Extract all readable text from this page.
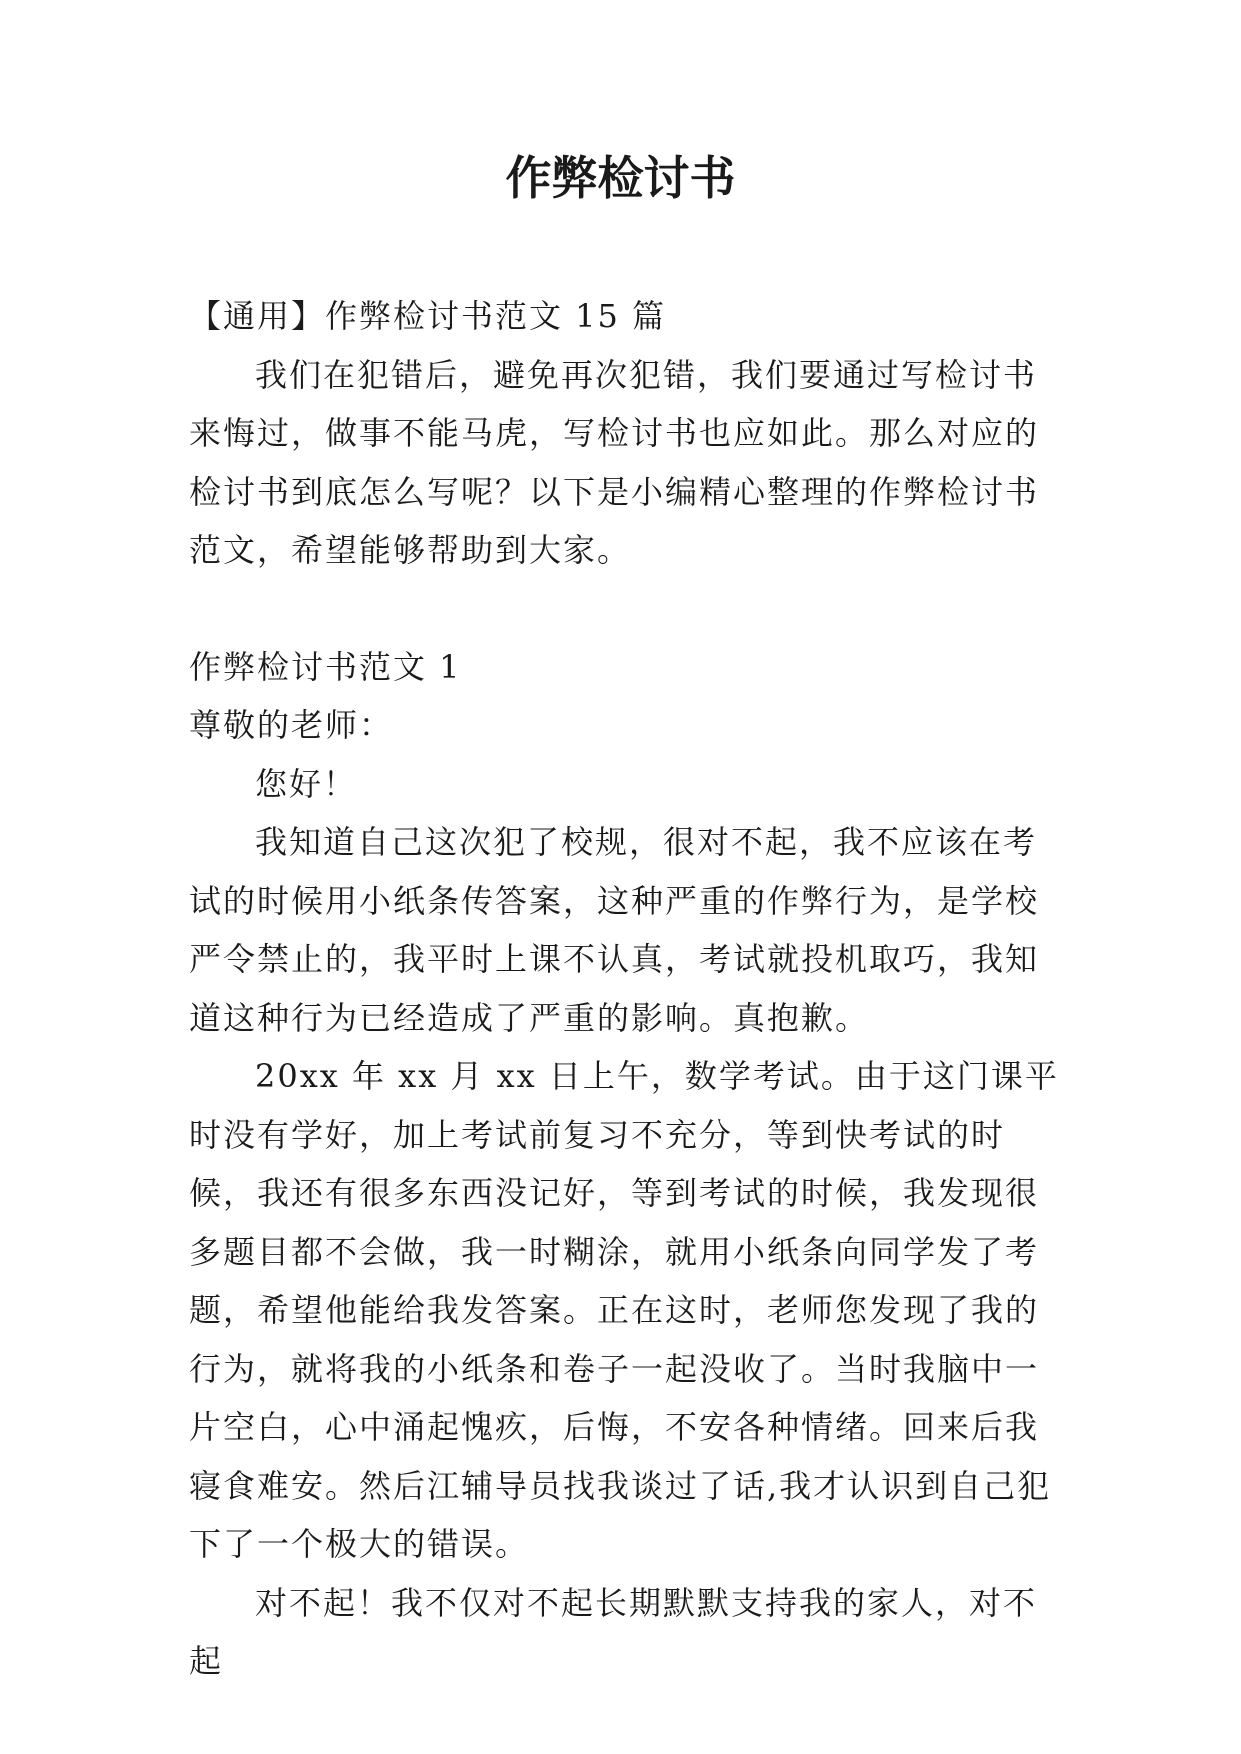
作弊检讨书

【通用】作弊检讨书范文 15 篇

我们在犯错后，避免再次犯错，我们要通过写检讨书来悔过，做事不能马虎，写检讨书也应如此。那么对应的检讨书到底怎么写呢？以下是小编精心整理的作弊检讨书范文，希望能够帮助到大家。

作弊检讨书范文 1

尊敬的老师：

您好！

我知道自己这次犯了校规，很对不起，我不应该在考试的时候用小纸条传答案，这种严重的作弊行为，是学校严令禁止的，我平时上课不认真，考试就投机取巧，我知道这种行为已经造成了严重的影响。真抱歉。

20xx 年 xx 月 xx 日上午，数学考试。由于这门课平时没有学好，加上考试前复习不充分，等到快考试的时候，我还有很多东西没记好，等到考试的时候，我发现很多题目都不会做，我一时糊涂，就用小纸条向同学发了考题，希望他能给我发答案。正在这时，老师您发现了我的行为，就将我的小纸条和卷子一起没收了。当时我脑中一片空白，心中涌起愧疚，后悔，不安各种情绪。回来后我寝食难安。然后江辅导员找我谈过了话,我才认识到自己犯下了一个极大的错误。

对不起！我不仅对不起长期默默支持我的家人，对不起
